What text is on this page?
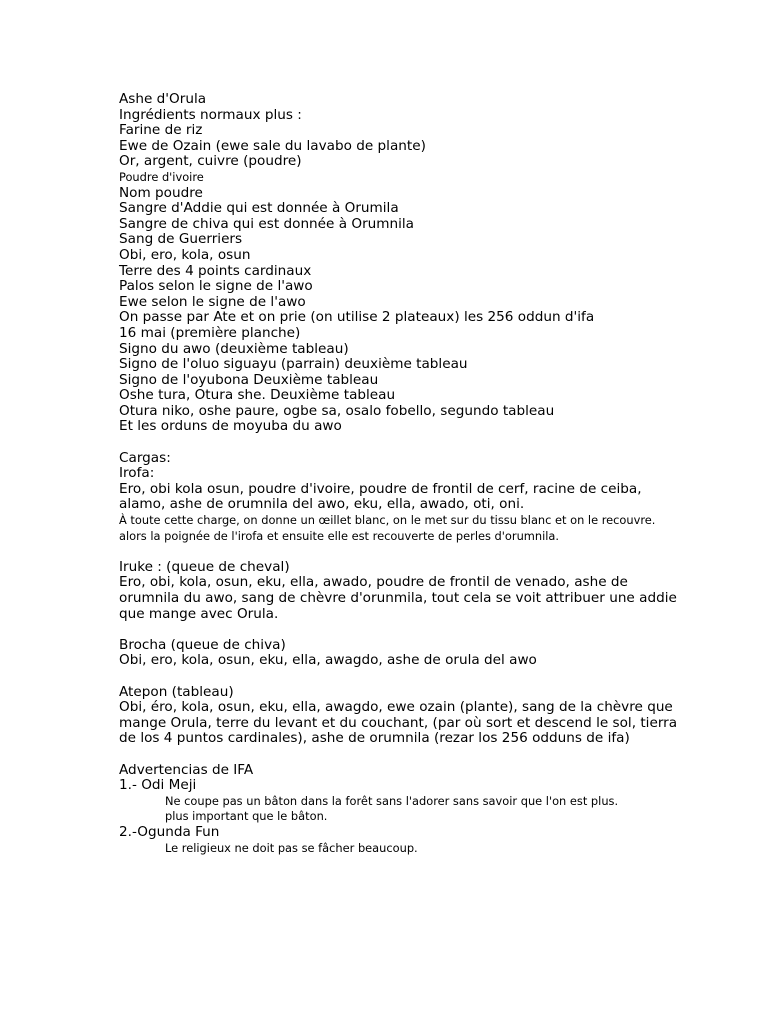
Ashe d'Orula

Ingrédients normaux plus :

Farine de riz

Ewe de Ozain (ewe sale du lavabo de plante)

Or, argent, cuivre (poudre)

Poudre d'ivoire

Nom poudre

Sangre d'Addie qui est donnée à Orumila

Sangre de chiva qui est donnée à Orumnila

Sang de Guerriers

Obi, ero, kola, osun

Terre des 4 points cardinaux

Palos selon le signe de l'awo

Ewe selon le signe de l'awo

On passe par Ate et on prie (on utilise 2 plateaux) les 256 oddun d'ifa

16 mai (première planche)

Signo du awo (deuxième tableau)

Signo de l'oluo siguayu (parrain) deuxième tableau

Signo de l'oyubona Deuxième tableau

Oshe tura, Otura she. Deuxième tableau

Otura niko, oshe paure, ogbe sa, osalo fobello, segundo tableau

Et les orduns de moyuba du awo

Cargas:

Irofa:

Ero, obi kola osun, poudre d'ivoire, poudre de frontil de cerf, racine de ceiba, alamo, ashe de orumnila del awo, eku, ella, awado, oti, oni.

À toute cette charge, on donne un œillet blanc, on le met sur du tissu blanc et on le recouvre.

alors la poignée de l'irofa et ensuite elle est recouverte de perles d'orumnila.

Iruke : (queue de cheval)

Ero, obi, kola, osun, eku, ella, awado, poudre de frontil de venado, ashe de orumnila du awo, sang de chèvre d'orunmila, tout cela se voit attribuer une addie que mange avec Orula.

Brocha (queue de chiva)

Obi, ero, kola, osun, eku, ella, awagdo, ashe de orula del awo

Atepon (tableau)

Obi, éro, kola, osun, eku, ella, awagdo, ewe ozain (plante), sang de la chèvre que mange Orula, terre du levant et du couchant, (par où sort et descend le sol, tierra de los 4 puntos cardinales), ashe de orumnila (rezar los 256 odduns de ifa)

Advertencias de IFA

1.- Odi Meji

Ne coupe pas un bâton dans la forêt sans l'adorer sans savoir que l'on est plus.

plus important que le bâton.

2.-Ogunda Fun

Le religieux ne doit pas se fâcher beaucoup.
